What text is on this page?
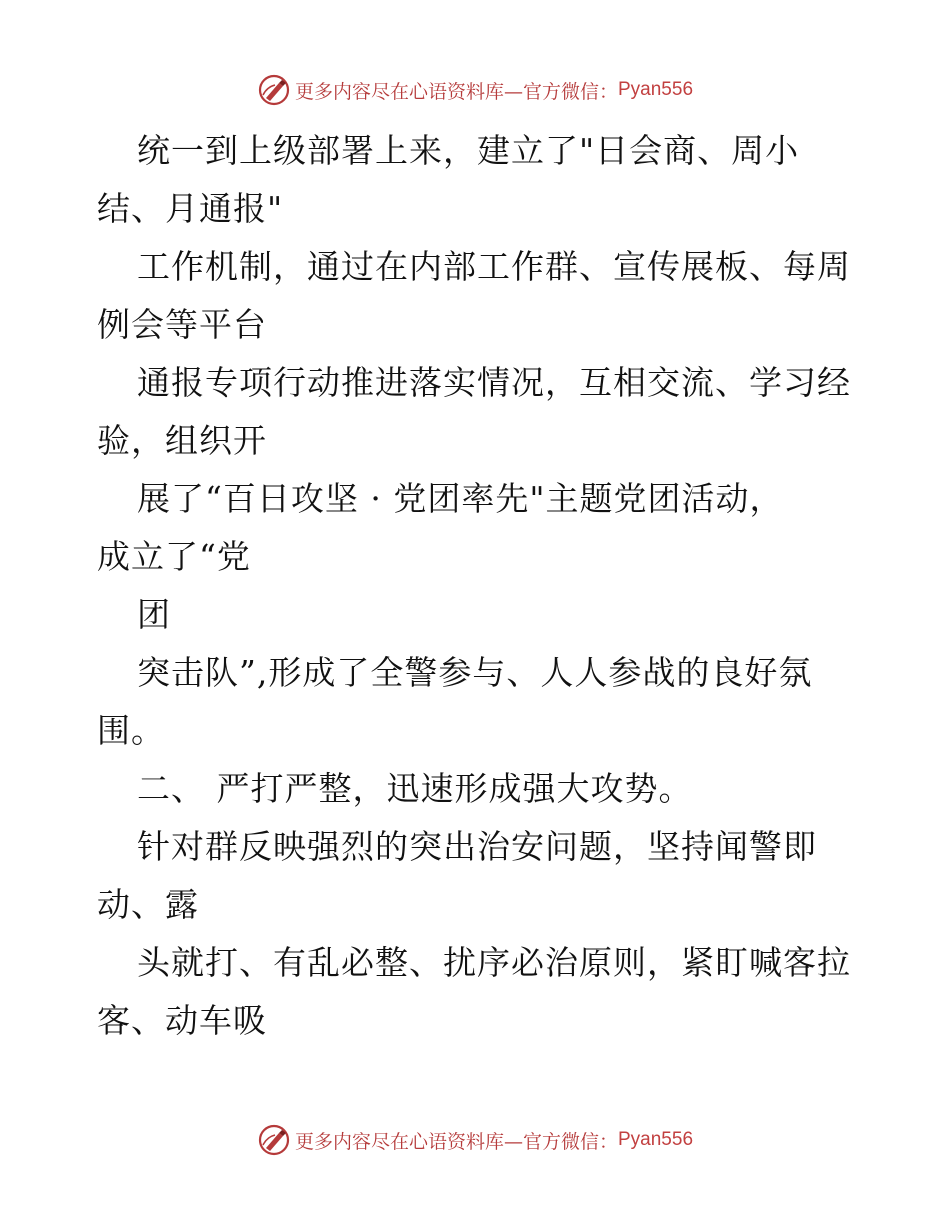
更多内容尽在心语资料库—官方微信： Pyan556
统一到上级部署上来，建立了"日会商、周小
结、月通报"
工作机制，通过在内部工作群、宣传展板、每周
例会等平台
通报专项行动推进落实情况，互相交流、学习经
验，组织开
展了“百日攻坚 · 党团率先"主题党团活动，
成立了“党
团
突击队”,形成了全警参与、人人参战的良好氛
围。
二、 严打严整，迅速形成强大攻势。
针对群反映强烈的突出治安问题，坚持闻警即
动、露
头就打、有乱必整、扰序必治原则，紧盯喊客拉
客、动车吸
更多内容尽在心语资料库—官方微信： Pyan556
